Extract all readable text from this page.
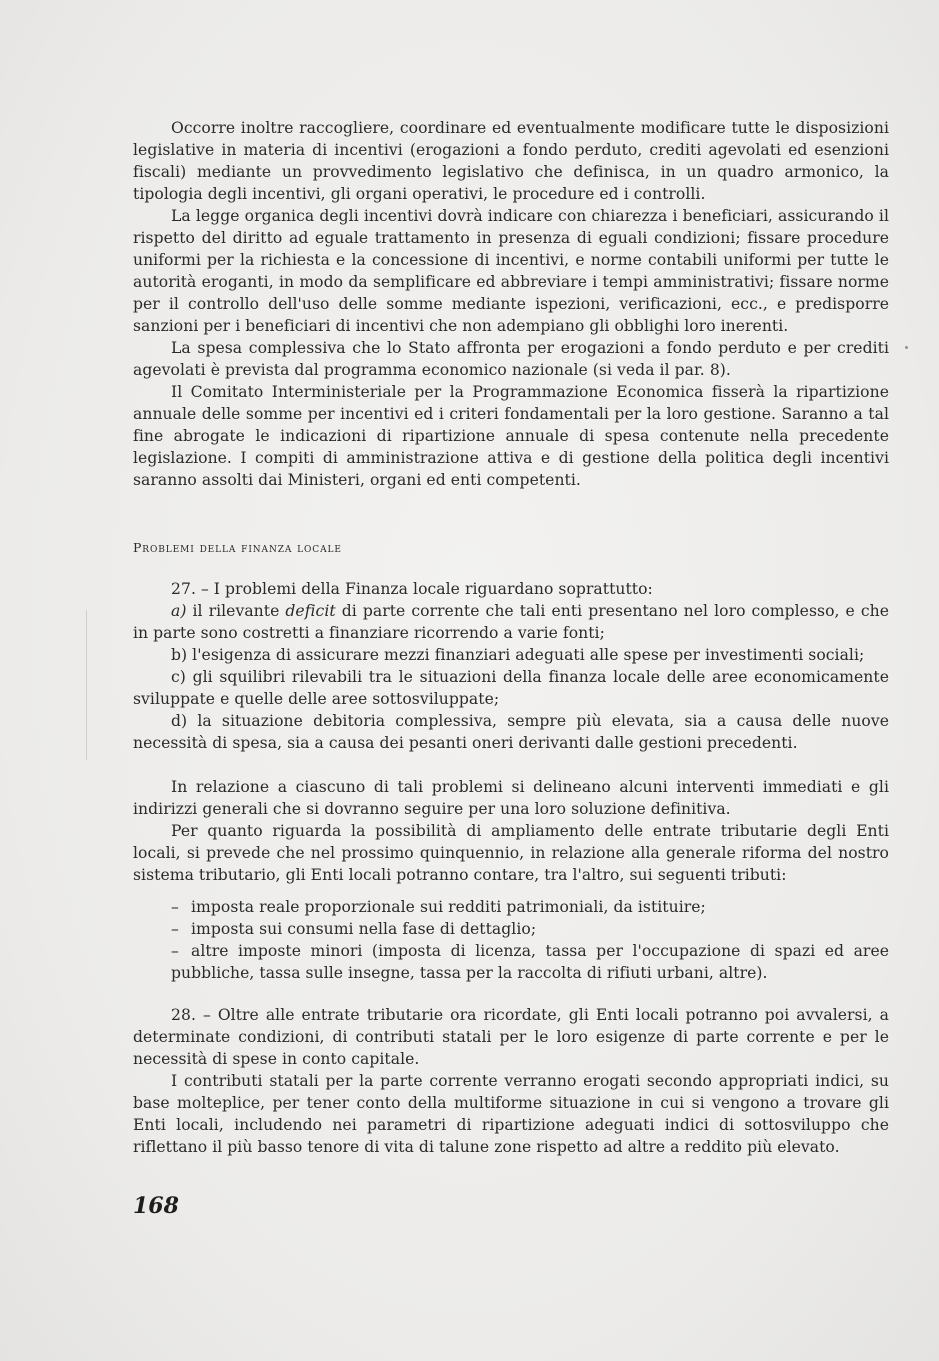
Occorre inoltre raccogliere, coordinare ed eventualmente modificare tutte le disposizioni legislative in materia di incentivi (erogazioni a fondo perduto, crediti agevolati ed esenzioni fiscali) mediante un provvedimento legislativo che definisca, in un quadro armonico, la tipologia degli incentivi, gli organi operativi, le procedure ed i controlli.

La legge organica degli incentivi dovrà indicare con chiarezza i beneficiari, assicurando il rispetto del diritto ad eguale trattamento in presenza di eguali condizioni; fissare procedure uniformi per la richiesta e la concessione di incentivi, e norme contabili uniformi per tutte le autorità eroganti, in modo da semplificare ed abbreviare i tempi amministrativi; fissare norme per il controllo dell'uso delle somme mediante ispezioni, verificazioni, ecc., e predisporre sanzioni per i beneficiari di incentivi che non adempiano gli obblighi loro inerenti.

La spesa complessiva che lo Stato affronta per erogazioni a fondo perduto e per crediti agevolati è prevista dal programma economico nazionale (si veda il par. 8).

Il Comitato Interministeriale per la Programmazione Economica fisserà la ripartizione annuale delle somme per incentivi ed i criteri fondamentali per la loro gestione. Saranno a tal fine abrogate le indicazioni di ripartizione annuale di spesa contenute nella precedente legislazione. I compiti di amministrazione attiva e di gestione della politica degli incentivi saranno assolti dai Ministeri, organi ed enti competenti.

Problemi della finanza locale

27. – I problemi della Finanza locale riguardano soprattutto:

a) il rilevante deficit di parte corrente che tali enti presentano nel loro complesso, e che in parte sono costretti a finanziare ricorrendo a varie fonti;

b) l'esigenza di assicurare mezzi finanziari adeguati alle spese per investimenti sociali;

c) gli squilibri rilevabili tra le situazioni della finanza locale delle aree economicamente sviluppate e quelle delle aree sottosviluppate;

d) la situazione debitoria complessiva, sempre più elevata, sia a causa delle nuove necessità di spesa, sia a causa dei pesanti oneri derivanti dalle gestioni precedenti.

In relazione a ciascuno di tali problemi si delineano alcuni interventi immediati e gli indirizzi generali che si dovranno seguire per una loro soluzione definitiva.

Per quanto riguarda la possibilità di ampliamento delle entrate tributarie degli Enti locali, si prevede che nel prossimo quinquennio, in relazione alla generale riforma del nostro sistema tributario, gli Enti locali potranno contare, tra l'altro, sui seguenti tributi:

– imposta reale proporzionale sui redditi patrimoniali, da istituire;

– imposta sui consumi nella fase di dettaglio;

– altre imposte minori (imposta di licenza, tassa per l'occupazione di spazi ed aree pubbliche, tassa sulle insegne, tassa per la raccolta di rifiuti urbani, altre).

28. – Oltre alle entrate tributarie ora ricordate, gli Enti locali potranno poi avvalersi, a determinate condizioni, di contributi statali per le loro esigenze di parte corrente e per le necessità di spese in conto capitale.

I contributi statali per la parte corrente verranno erogati secondo appropriati indici, su base molteplice, per tener conto della multiforme situazione in cui si vengono a trovare gli Enti locali, includendo nei parametri di ripartizione adeguati indici di sottosviluppo che riflettano il più basso tenore di vita di talune zone rispetto ad altre a reddito più elevato.

168
